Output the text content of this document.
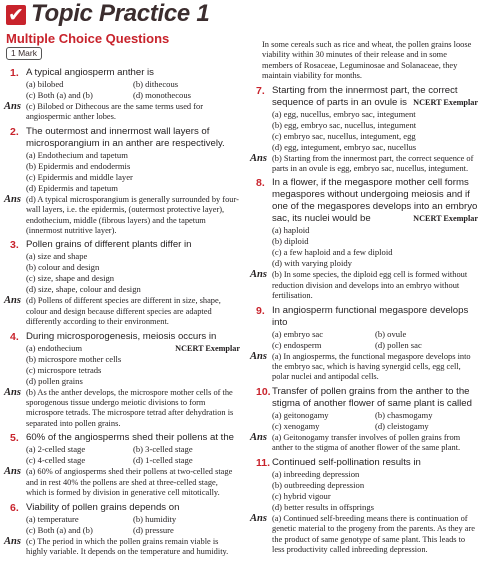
✔ Topic Practice 1
Multiple Choice Questions
1 Mark
1. A typical angiosperm anther is
(a) bilobed	(b) dithecous
(c) Both (a) and (b)	(d) monothecous
Ans (c) Bilobed or Dithecous are the same terms used for angiospermic anther lobes.
2. The outermost and innermost wall layers of microsporangium in an anther are respectively.
(a) Endothecium and tapetum
(b) Epidermis and endodermis
(c) Epidermis and middle layer
(d) Epidermis and tapetum
Ans (d) A typical microsporangium is generally surrounded by four-wall layers, i.e. the epidermis, (outermost protective layer), endothecium, middle (fibrous layers) and the tapetum (innermost nutritive layer).
3. Pollen grains of different plants differ in
(a) size and shape
(b) colour and design
(c) size, shape and design
(d) size, shape, colour and design
Ans (d) Pollens of different species are different in size, shape, colour and design because different species are adapted differently according to their environment.
4. During microsporogenesis, meiosis occurs in
(a) endothecium	NCERT Exemplar
(b) microspore mother cells
(c) microspore tetrads
(d) pollen grains
Ans (b) As the anther develops, the microspore mother cells of the sporogenous tissue undergo meiotic divisions to form microspore tetrads. The microspore tetrad after dehydration is separated into pollen grains.
5. 60% of the angiosperms shed their pollens at the
(a) 2-celled stage	(b) 3-celled stage
(c) 4-celled stage	(d) 1-celled stage
Ans (a) 60% of angiosperms shed their pollens at two-celled stage and in rest 40% the pollens are shed at three-celled stage, which is formed by division in generative cell mitotically.
6. Viability of pollen grains depends on
(a) temperature	(b) humidity
(c) Both (a) and (b)	(d) pressure
Ans (c) The period in which the pollen grains remain viable is highly variable. It depends on the temperature and humidity.
In some cereals such as rice and wheat, the pollen grains loose viability within 30 minutes of their release and in some members of Rosaceae, Leguminosae and Solanaceae, they maintain viability for months.
7. Starting from the innermost part, the correct sequence of parts in an ovule is NCERT Exemplar
(a) egg, nucellus, embryo sac, integument
(b) egg, embryo sac, nucellus, integument
(c) embryo sac, nucellus, integument, egg
(d) egg, integument, embryo sac, nucellus
Ans (b) Starting from the innermost part, the correct sequence of parts in an ovule is egg, embryo sac, nucellus, integument.
8. In a flower, if the megaspore mother cell forms megaspores without undergoing meiosis and if one of the megaspores develops into an embryo sac, its nuclei would be	NCERT Exemplar
(a) haploid
(b) diploid
(c) a few haploid and a few diploid
(d) with varying ploidy
Ans (b) In some species, the diploid egg cell is formed without reduction division and develops into an embryo without fertilisation.
9. In angiosperm functional megaspore develops into
(a) embryo sac	(b) ovule
(c) endosperm	(d) pollen sac
Ans (a) In angiosperms, the functional megaspore develops into the embryo sac, which is having synergid cells, egg cell, polar nuclei and antipodal cells.
10. Transfer of pollen grains from the anther to the stigma of another flower of same plant is called
(a) geitonogamy	(b) chasmogamy
(c) xenogamy	(d) cleistogamy
Ans (a) Geitonogamy transfer involves of pollen grains from anther to the stigma of another flower of the same plant.
11. Continued self-pollination results in
(a) inbreeding depression
(b) outbreeding depression
(c) hybrid vigour
(d) better results in offsprings
Ans (a) Continued self-breeding means there is continuation of genetic material to the progeny from the parents. As they are the product of same genotype of same plant. This leads to less productivity called inbreeding depression.
